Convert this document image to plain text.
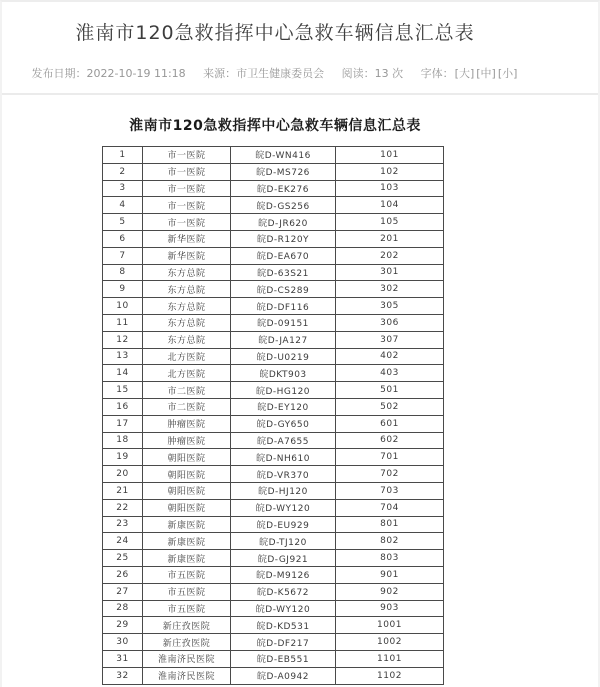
淮南市120急救指挥中心急救车辆信息汇总表
发布日期：2022-10-19 11:18 来源：市卫生健康委员会 阅读：13 次 字体：[大] [中] [小]
淮南市120急救指挥中心急救车辆信息汇总表
1	市一医院	皖D-WN416	101
2	市一医院	皖D-MS726	102
3	市一医院	皖D-EK276	103
4	市一医院	皖D-GS256	104
5	市一医院	皖D-JR620	105
6	新华医院	皖D-R120Y	201
7	新华医院	皖D-EA670	202
8	东方总院	皖D-63S21	301
9	东方总院	皖D-CS289	302
10	东方总院	皖D-DF116	305
11	东方总院	皖D-09151	306
12	东方总院	皖D-JA127	307
13	北方医院	皖D-U0219	402
14	北方医院	皖DKT903	403
15	市二医院	皖D-HG120	501
16	市二医院	皖D-EY120	502
17	肿瘤医院	皖D-GY650	601
18	肿瘤医院	皖D-A7655	602
19	朝阳医院	皖D-NH610	701
20	朝阳医院	皖D-VR370	702
21	朝阳医院	皖D-HJ120	703
22	朝阳医院	皖D-WY120	704
23	新康医院	皖D-EU929	801
24	新康医院	皖D-TJ120	802
25	新康医院	皖D-GJ921	803
26	市五医院	皖D-M9126	901
27	市五医院	皖D-K5672	902
28	市五医院	皖D-WY120	903
29	新庄孜医院	皖D-KD531	1001
30	新庄孜医院	皖D-DF217	1002
31	淮南济民医院	皖D-EB551	1101
32	淮南济民医院	皖D-A0942	1102
